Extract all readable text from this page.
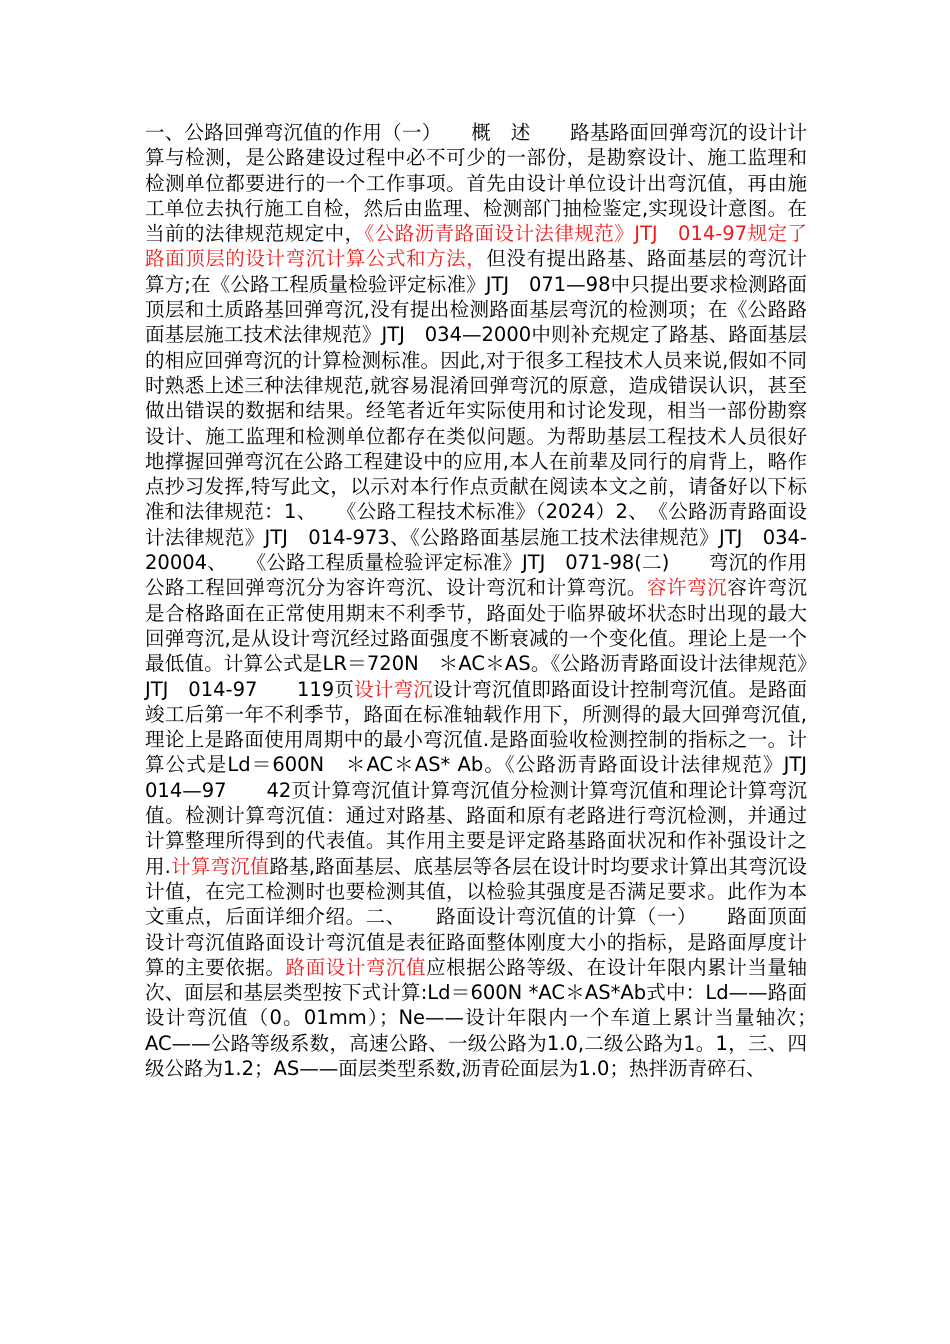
一、公路回弹弯沉值的作用（一）　　概　述　　路基路面回弹弯沉的设计计算与检测，是公路建设过程中必不可少的一部份，是勘察设计、施工监理和检测单位都要进行的一个工作事项。首先由设计单位设计出弯沉值，再由施工单位去执行施工自检，然后由监理、检测部门抽检鉴定,实现设计意图。在当前的法律规范规定中，《公路沥青路面设计法律规范》JTJ　014-97规定了路面顶层的设计弯沉计算公式和方法，但没有提出路基、路面基层的弯沉计算方;在《公路工程质量检验评定标准》JTJ　071—98中只提出要求检测路面顶层和土质路基回弹弯沉,没有提出检测路面基层弯沉的检测项；在《公路路面基层施工技术法律规范》JTJ　034—2000中则补充规定了路基、路面基层的相应回弹弯沉的计算检测标准。因此,对于很多工程技术人员来说,假如不同时熟悉上述三种法律规范,就容易混淆回弹弯沉的原意，造成错误认识，甚至做出错误的数据和结果。经笔者近年实际使用和讨论发现，相当一部份勘察设计、施工监理和检测单位都存在类似问题。为帮助基层工程技术人员很好地撑握回弹弯沉在公路工程建设中的应用,本人在前辈及同行的肩背上，略作点抄习发挥,特写此文，以示对本行作点贡献在阅读本文之前，请备好以下标准和法律规范：1、　　《公路工程技术标准》（2024）2、　《公路沥青路面设计法律规范》JTJ　014-973、《公路路面基层施工技术法律规范》JTJ　034-20004、　　《公路工程质量检验评定标准》JTJ　071-98(二)　　弯沉的作用公路工程回弹弯沉分为容许弯沉、设计弯沉和计算弯沉。容许弯沉容许弯沉是合格路面在正常使用期末不利季节，路面处于临界破坏状态时出现的最大回弹弯沉,是从设计弯沉经过路面强度不断衰减的一个变化值。理论上是一个最低值。计算公式是LR＝720N　＊AC＊AS。《公路沥青路面设计法律规范》JTJ　014-97　　119页设计弯沉设计弯沉值即路面设计控制弯沉值。是路面竣工后第一年不利季节，路面在标准轴载作用下，所测得的最大回弹弯沉值,理论上是路面使用周期中的最小弯沉值.是路面验收检测控制的指标之一。计算公式是Ld＝600N　＊AC＊AS* Ab。《公路沥青路面设计法律规范》JTJ　014—97　　42页计算弯沉值计算弯沉值分检测计算弯沉值和理论计算弯沉值。检测计算弯沉值：通过对路基、路面和原有老路进行弯沉检测，并通过计算整理所得到的代表值。其作用主要是评定路基路面状况和作补强设计之用.计算弯沉值路基,路面基层、底基层等各层在设计时均要求计算出其弯沉设计值，在完工检测时也要检测其值，以检验其强度是否满足要求。此作为本文重点，后面详细介绍。二、　　路面设计弯沉值的计算（一）　　路面顶面设计弯沉值路面设计弯沉值是表征路面整体刚度大小的指标，是路面厚度计算的主要依据。路面设计弯沉值应根据公路等级、在设计年限内累计当量轴次、面层和基层类型按下式计算:Ld＝600N *AC＊AS*Ab式中：Ld——路面设计弯沉值（0。01mm）；Ne——设计年限内一个车道上累计当量轴次；　　AC——公路等级系数，高速公路、一级公路为1.0,二级公路为1。1，三、四级公路为1.2；AS——面层类型系数,沥青砼面层为1.0；热拌沥青碎石、
